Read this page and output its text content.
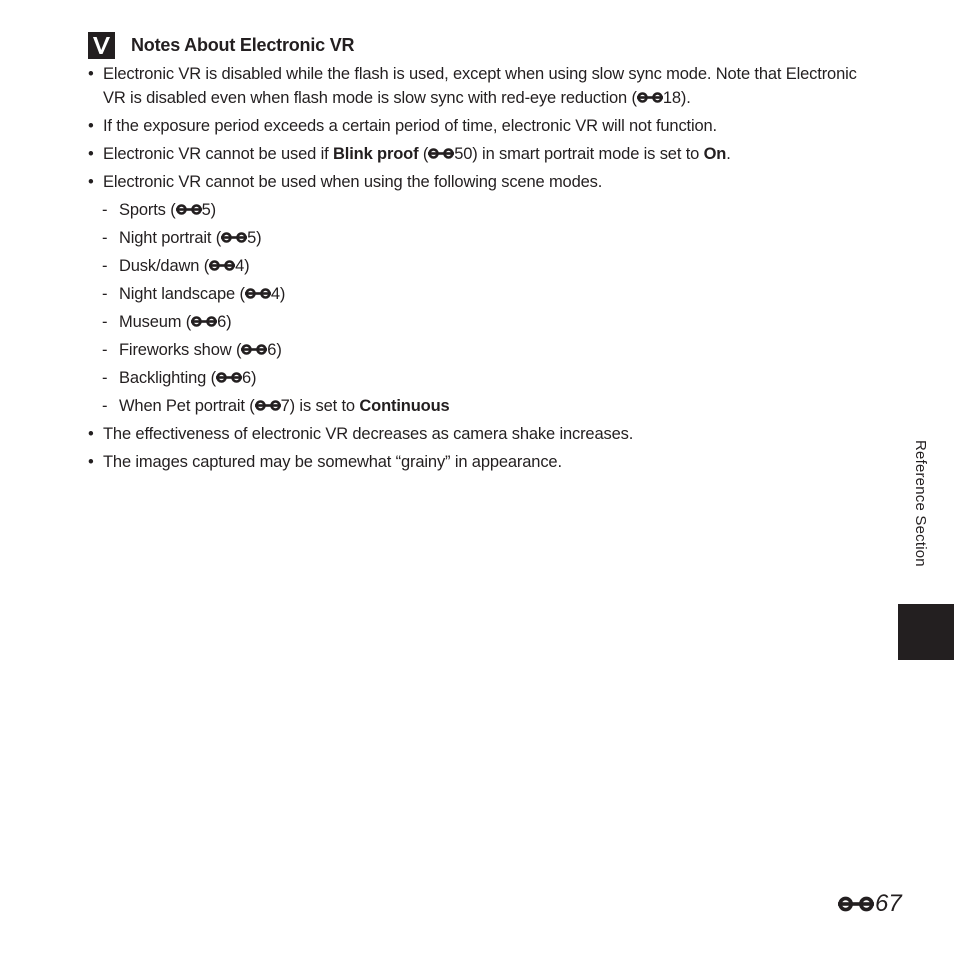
Notes About Electronic VR
• Electronic VR is disabled while the flash is used, except when using slow sync mode. Note that Electronic VR is disabled even when flash mode is slow sync with red-eye reduction ( 18).
• If the exposure period exceeds a certain period of time, electronic VR will not function.
• Electronic VR cannot be used if Blink proof ( 50) in smart portrait mode is set to On.
• Electronic VR cannot be used when using the following scene modes.
- Sports ( 5)
- Night portrait ( 5)
- Dusk/dawn ( 4)
- Night landscape ( 4)
- Museum ( 6)
- Fireworks show ( 6)
- Backlighting ( 6)
- When Pet portrait ( 7) is set to Continuous
• The effectiveness of electronic VR decreases as camera shake increases.
• The images captured may be somewhat “grainy” in appearance.	Reference Section
67
